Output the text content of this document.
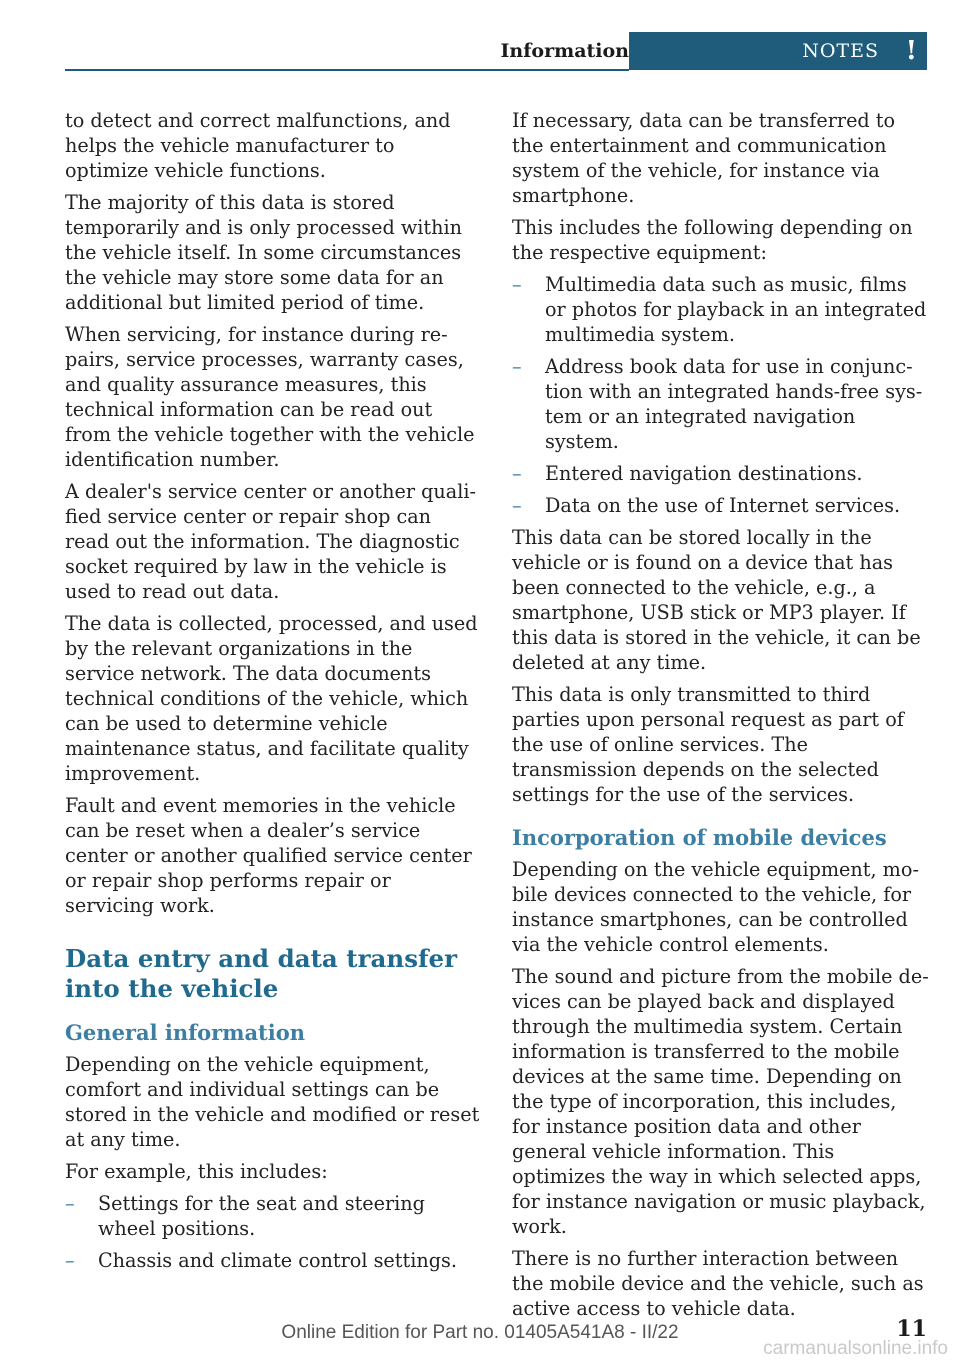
Information	NOTES !

to detect and correct malfunctions, and helps the vehicle manufacturer to optimize vehicle functions.

The majority of this data is stored temporarily and is only processed within the vehicle itself. In some circumstances the vehicle may store some data for an additional but limited period of time.

When servicing, for instance during repairs, service processes, warranty cases, and quality assurance measures, this technical information can be read out from the vehicle together with the vehicle identification number.

A dealer's service center or another qualified service center or repair shop can read out the information. The diagnostic socket required by law in the vehicle is used to read out data.

The data is collected, processed, and used by the relevant organizations in the service network. The data documents technical conditions of the vehicle, which can be used to determine vehicle maintenance status, and facilitate quality improvement.

Fault and event memories in the vehicle can be reset when a dealer’s service center or another qualified service center or repair shop performs repair or servicing work.

Data entry and data transfer into the vehicle
General information

Depending on the vehicle equipment, comfort and individual settings can be stored in the vehicle and modified or reset at any time.

For example, this includes:

– Settings for the seat and steering wheel positions.
– Chassis and climate control settings.

If necessary, data can be transferred to the entertainment and communication system of the vehicle, for instance via smartphone.

This includes the following depending on the respective equipment:

– Multimedia data such as music, films or photos for playback in an integrated multimedia system.
– Address book data for use in conjunction with an integrated hands-free system or an integrated navigation system.
– Entered navigation destinations.
– Data on the use of Internet services.

This data can be stored locally in the vehicle or is found on a device that has been connected to the vehicle, e.g., a smartphone, USB stick or MP3 player. If this data is stored in the vehicle, it can be deleted at any time.

This data is only transmitted to third parties upon personal request as part of the use of online services. The transmission depends on the selected settings for the use of the services.

Incorporation of mobile devices

Depending on the vehicle equipment, mobile devices connected to the vehicle, for instance smartphones, can be controlled via the vehicle control elements.

The sound and picture from the mobile devices can be played back and displayed through the multimedia system. Certain information is transferred to the mobile devices at the same time. Depending on the type of incorporation, this includes, for instance position data and other general vehicle information. This optimizes the way in which selected apps, for instance navigation or music playback, work.

There is no further interaction between the mobile device and the vehicle, such as active access to vehicle data.

11
Online Edition for Part no. 01405A541A8 - II/22
carmanualsonline.info
